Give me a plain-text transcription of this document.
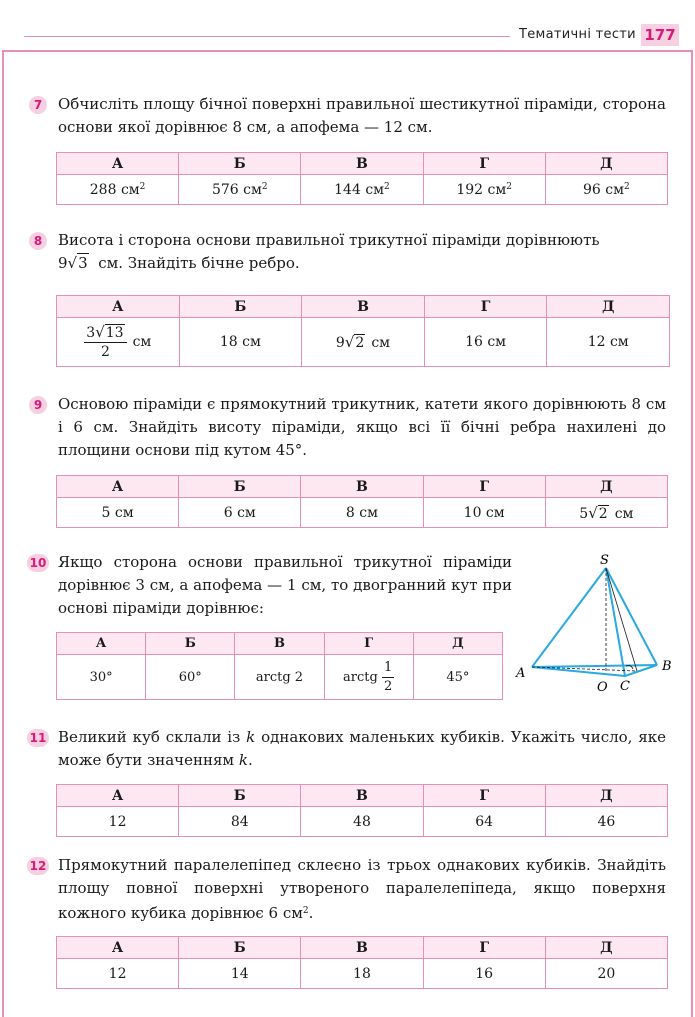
Тематичні тести 177
7	Обчисліть площу бічної поверхні правильної шестикутної піраміди, сторона основи якої дорівнює 8 см, а апофема — 12 см.
А	Б	В	Г	Д
288 $см^2$	576 $см^2$	144 $см^2$	192 $см^2$	96 $см^2$
8	Висота і сторона основи правильної трикутної піраміди дорівнюють
9√3 см. Знайдіть бічне ребро.
А	Б	В	Г	Д

$\frac{3√13}{2}$ см	18 см	9√2 см	16 см	12 см
9	Основою піраміди є прямокутний трикутник, катети якого дорівнюють 8 см і 6 см. Знайдіть висоту піраміди, якщо всі її бічні ребра нахилені до площини основи під кутом 45°.
А	Б	В	Г	Д
5 см	6 см	8 см	10 см	5√2 см
10 Якщо сторона основи правильної трикутної піраміди дорівнює 3 см, а апофема — 1 см, то двогранний кут при основі піраміди дорівнює:
А	Б	В	Г	Д
30°	60°	arctg 2	arctg $\frac{1}{2}$	45°
S
A	B
C
O
11 Великий куб склали із k однакових маленьких кубиків. Укажіть число, яке може бути значенням k.
А	Б	В	Г	Д
12	84	48	64	46
12 Прямокутний паралелепіпед склеєно із трьох однакових кубиків. Знайдіть площу повної поверхні утвореного паралелепіпеда, якщо поверхня кожного кубика дорівнює 6 $см^2$.
А	Б	В	Г	Д
12	14	18	16	20
